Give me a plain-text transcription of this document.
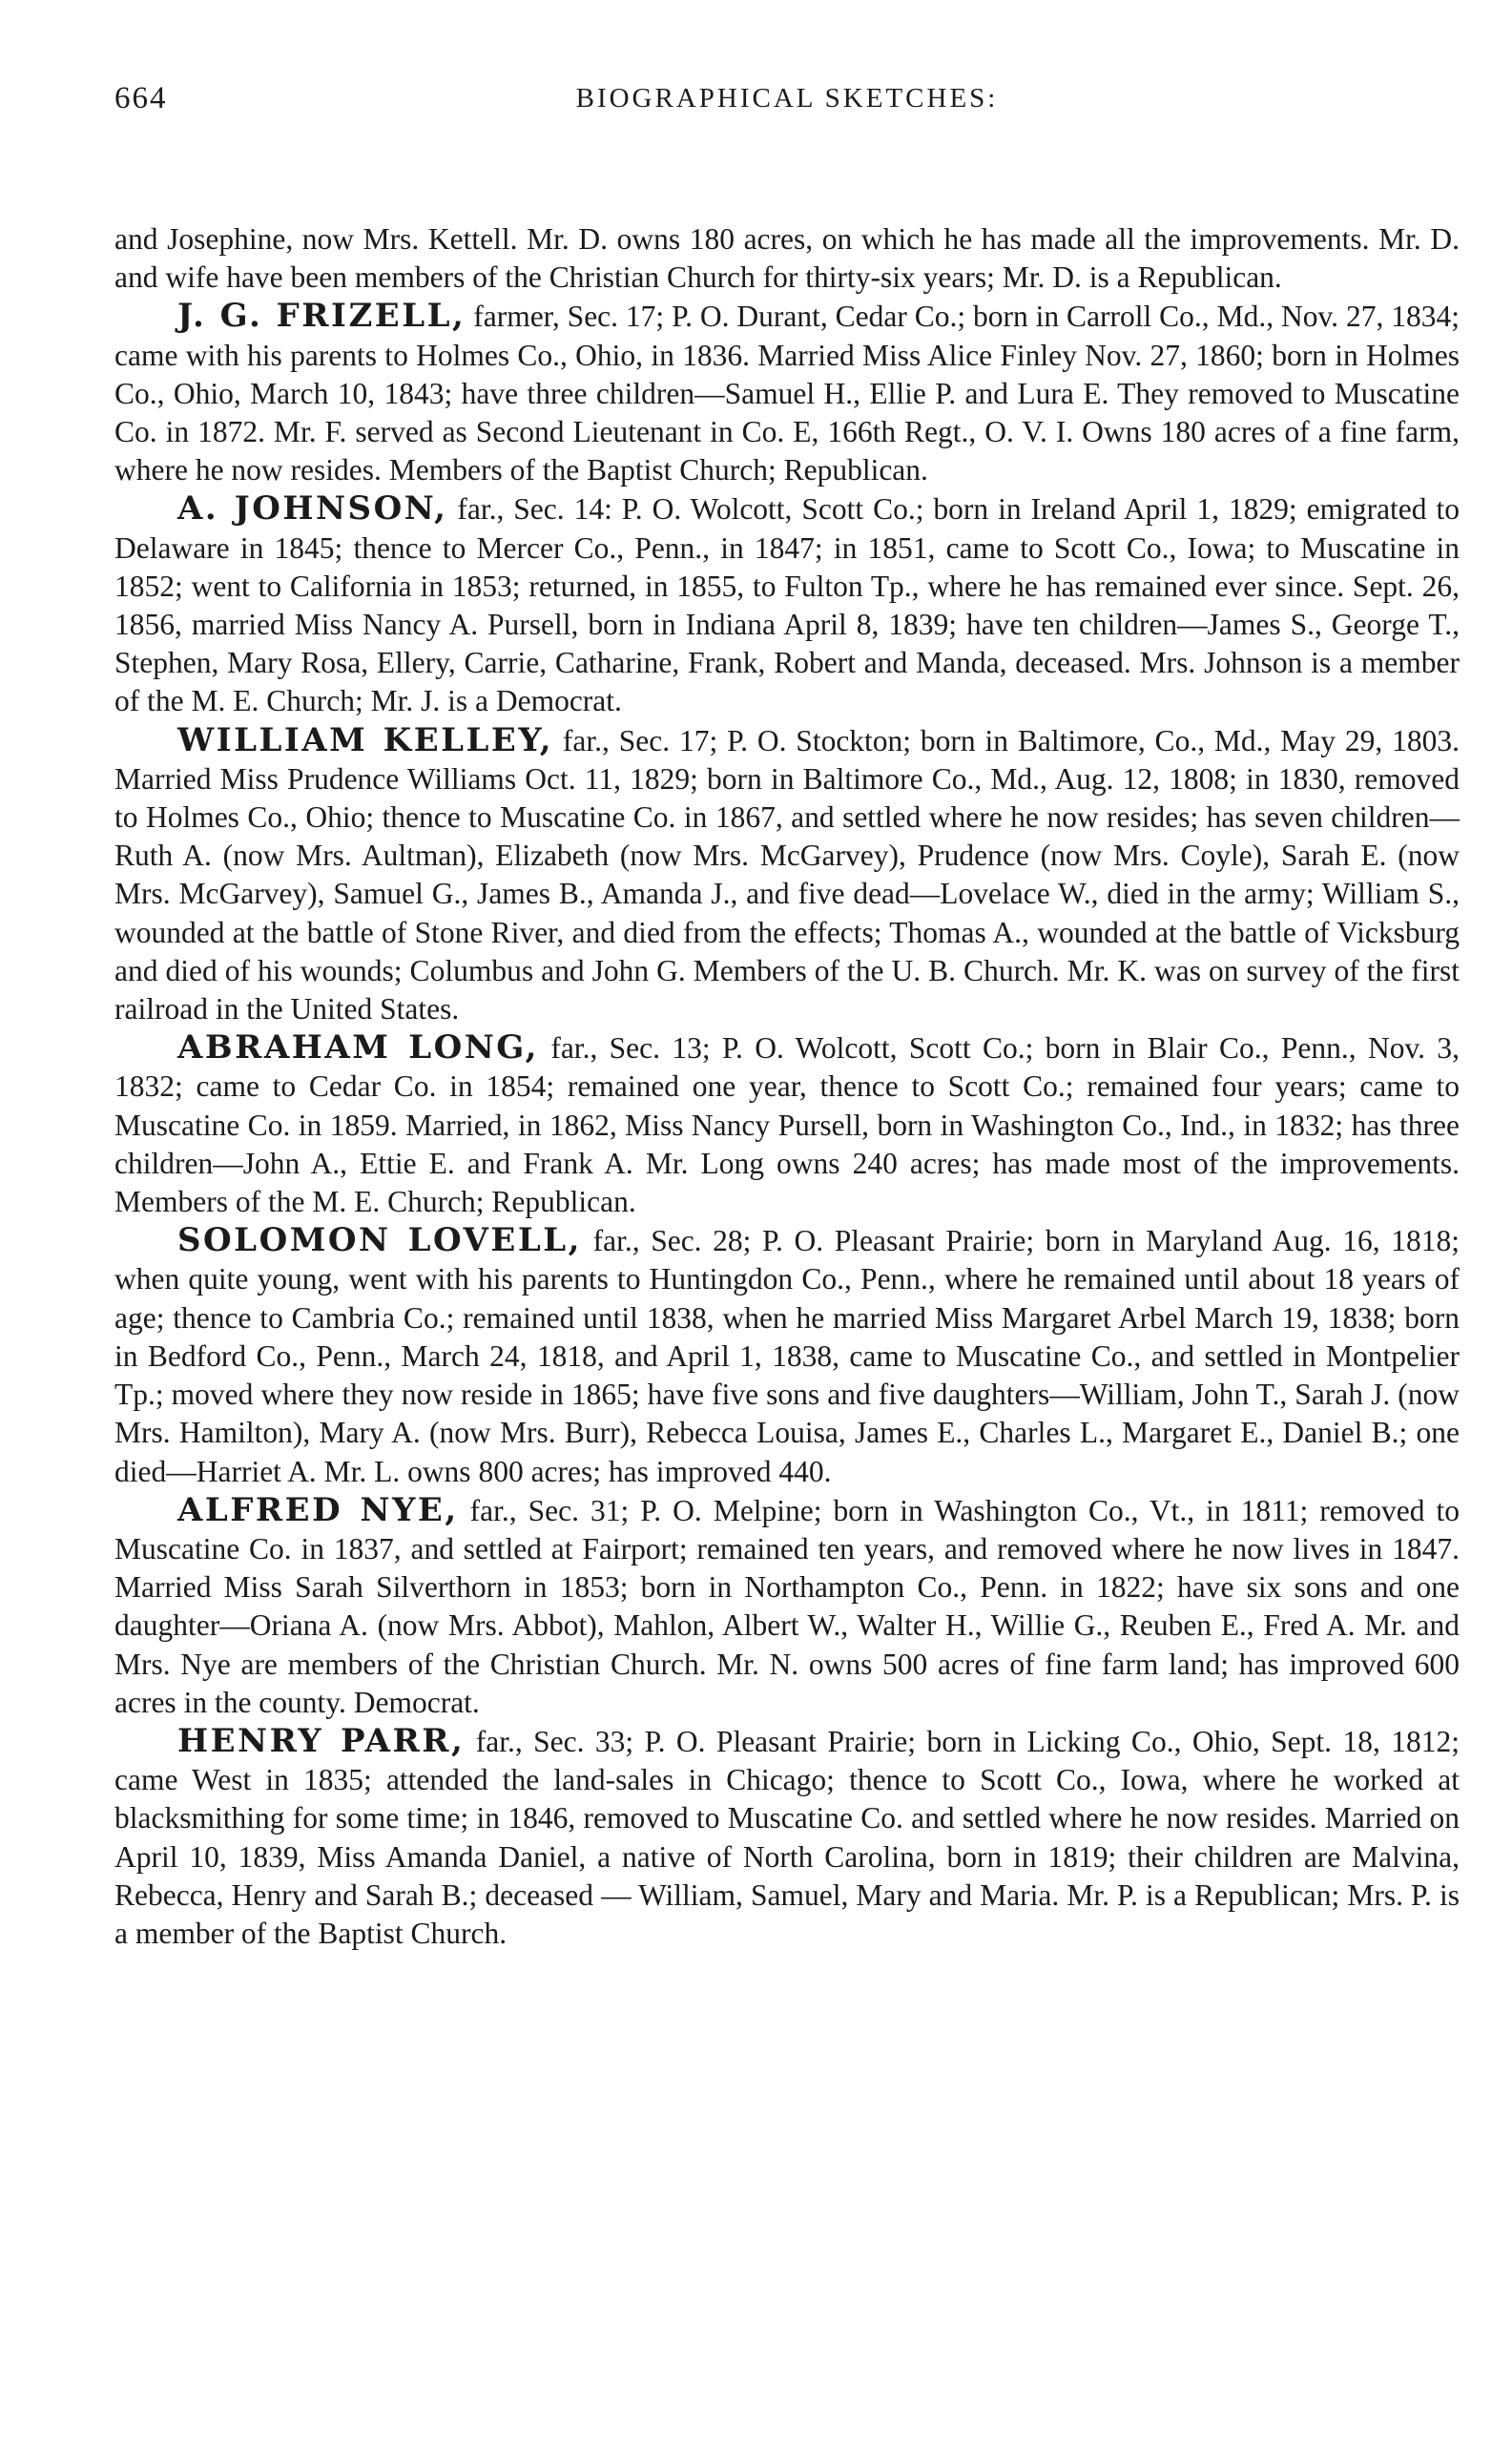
664	BIOGRAPHICAL SKETCHES:

and Josephine, now Mrs. Kettell. Mr. D. owns 180 acres, on which he has made all the improvements. Mr. D. and wife have been members of the Christian Church for thirty-six years; Mr. D. is a Republican.

J. G. FRIZELL, farmer, Sec. 17; P. O. Durant, Cedar Co.; born in Carroll Co., Md., Nov. 27, 1834; came with his parents to Holmes Co., Ohio, in 1836. Married Miss Alice Finley Nov. 27, 1860; born in Holmes Co., Ohio, March 10, 1843; have three children—Samuel H., Ellie P. and Lura E. They removed to Muscatine Co. in 1872. Mr. F. served as Second Lieutenant in Co. E, 166th Regt., O. V. I. Owns 180 acres of a fine farm, where he now resides. Members of the Baptist Church; Republican.

A. JOHNSON, far., Sec. 14: P. O. Wolcott, Scott Co.; born in Ireland April 1, 1829; emigrated to Delaware in 1845; thence to Mercer Co., Penn., in 1847; in 1851, came to Scott Co., Iowa; to Muscatine in 1852; went to California in 1853; returned, in 1855, to Fulton Tp., where he has remained ever since. Sept. 26, 1856, married Miss Nancy A. Pursell, born in Indiana April 8, 1839; have ten children—James S., George T., Stephen, Mary Rosa, Ellery, Carrie, Catharine, Frank, Robert and Manda, deceased. Mrs. Johnson is a member of the M. E. Church; Mr. J. is a Democrat.

WILLIAM KELLEY, far., Sec. 17; P. O. Stockton; born in Baltimore, Co., Md., May 29, 1803. Married Miss Prudence Williams Oct. 11, 1829; born in Baltimore Co., Md., Aug. 12, 1808; in 1830, removed to Holmes Co., Ohio; thence to Muscatine Co. in 1867, and settled where he now resides; has seven children—Ruth A. (now Mrs. Aultman), Elizabeth (now Mrs. McGarvey), Prudence (now Mrs. Coyle), Sarah E. (now Mrs. McGarvey), Samuel G., James B., Amanda J., and five dead—Lovelace W., died in the army; William S., wounded at the battle of Stone River, and died from the effects; Thomas A., wounded at the battle of Vicksburg and died of his wounds; Columbus and John G. Members of the U. B. Church. Mr. K. was on survey of the first railroad in the United States.

ABRAHAM LONG, far., Sec. 13; P. O. Wolcott, Scott Co.; born in Blair Co., Penn., Nov. 3, 1832; came to Cedar Co. in 1854; remained one year, thence to Scott Co.; remained four years; came to Muscatine Co. in 1859. Married, in 1862, Miss Nancy Pursell, born in Washington Co., Ind., in 1832; has three children—John A., Ettie E. and Frank A. Mr. Long owns 240 acres; has made most of the improvements. Members of the M. E. Church; Republican.

SOLOMON LOVELL, far., Sec. 28; P. O. Pleasant Prairie; born in Maryland Aug. 16, 1818; when quite young, went with his parents to Huntingdon Co., Penn., where he remained until about 18 years of age; thence to Cambria Co.; remained until 1838, when he married Miss Margaret Arbel March 19, 1838; born in Bedford Co., Penn., March 24, 1818, and April 1, 1838, came to Muscatine Co., and settled in Montpelier Tp.; moved where they now reside in 1865; have five sons and five daughters—William, John T., Sarah J. (now Mrs. Hamilton), Mary A. (now Mrs. Burr), Rebecca Louisa, James E., Charles L., Margaret E., Daniel B.; one died—Harriet A. Mr. L. owns 800 acres; has improved 440.

ALFRED NYE, far., Sec. 31; P. O. Melpine; born in Washington Co., Vt., in 1811; removed to Muscatine Co. in 1837, and settled at Fairport; remained ten years, and removed where he now lives in 1847. Married Miss Sarah Silverthorn in 1853; born in Northampton Co., Penn. in 1822; have six sons and one daughter—Oriana A. (now Mrs. Abbot), Mahlon, Albert W., Walter H., Willie G., Reuben E., Fred A. Mr. and Mrs. Nye are members of the Christian Church. Mr. N. owns 500 acres of fine farm land; has improved 600 acres in the county. Democrat.

HENRY PARR, far., Sec. 33; P. O. Pleasant Prairie; born in Licking Co., Ohio, Sept. 18, 1812; came West in 1835; attended the land-sales in Chicago; thence to Scott Co., Iowa, where he worked at blacksmithing for some time; in 1846, removed to Muscatine Co. and settled where he now resides. Married on April 10, 1839, Miss Amanda Daniel, a native of North Carolina, born in 1819; their children are Malvina, Rebecca, Henry and Sarah B.; deceased — William, Samuel, Mary and Maria. Mr. P. is a Republican; Mrs. P. is a member of the Baptist Church.
